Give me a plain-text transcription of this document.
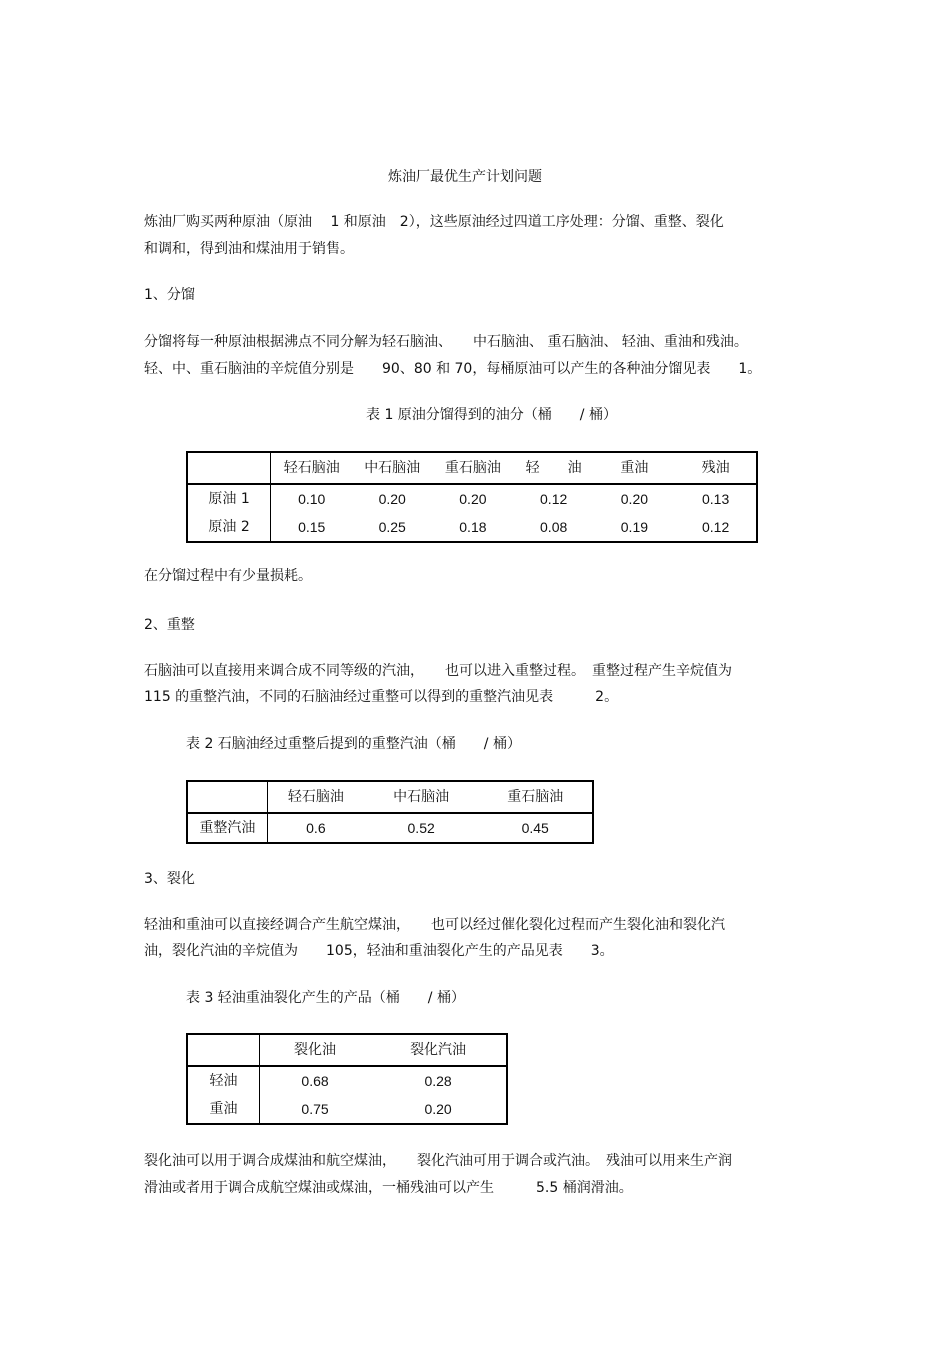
炼油厂最优生产计划问题
炼油厂购买两种原油（原油　 1 和原油　2），这些原油经过四道工序处理：分馏、重整、裂化
和调和，得到油和煤油用于销售。
1、分馏
分馏将每一种原油根据沸点不同分解为轻石脑油、　　中石脑油、 重石脑油、 轻油、重油和残油。
轻、中、重石脑油的辛烷值分别是　　90、80 和 70，每桶原油可以产生的各种油分馏见表　　1。
表 1 原油分馏得到的油分（桶　　/ 桶）
	轻石脑油	中石脑油	重石脑油	轻　　油	重油	残油
原油 1	0.10	0.20	0.20	0.12	0.20	0.13
原油 2	0.15	0.25	0.18	0.08	0.19	0.12
在分馏过程中有少量损耗。
2、重整
石脑油可以直接用来调合成不同等级的汽油，　　也可以进入重整过程。　重整过程产生辛烷值为
115 的重整汽油，不同的石脑油经过重整可以得到的重整汽油见表　　　2。
表 2 石脑油经过重整后提到的重整汽油（桶　　/ 桶）
	轻石脑油	中石脑油	重石脑油
重整汽油	0.6	0.52	0.45
3、裂化
轻油和重油可以直接经调合产生航空煤油，　　也可以经过催化裂化过程而产生裂化油和裂化汽
油，裂化汽油的辛烷值为　　105，轻油和重油裂化产生的产品见表　　3。
表 3 轻油重油裂化产生的产品（桶　　/ 桶）
	裂化油	裂化汽油
轻油	0.68	0.28
重油	0.75	0.20
裂化油可以用于调合成煤油和航空煤油，　　裂化汽油可用于调合或汽油。　残油可以用来生产润
滑油或者用于调合成航空煤油或煤油，一桶残油可以产生　　　5.5 桶润滑油。
